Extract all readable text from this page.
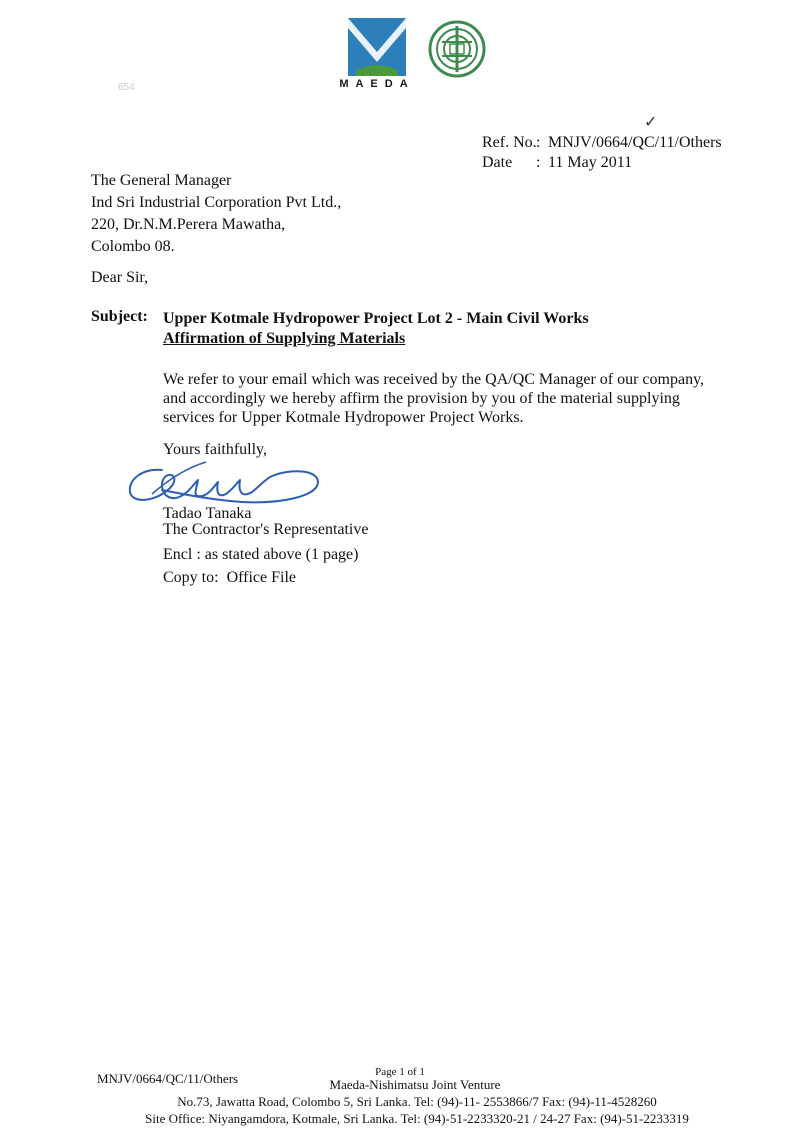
MAEDA
654
✓
Ref. No.: MNJV/0664/QC/11/Others
Date : 11 May 2011
The General Manager
Ind Sri Industrial Corporation Pvt Ltd.,
220, Dr.N.M.Perera Mawatha,
Colombo 08.
Dear Sir,
Subject: Upper Kotmale Hydropower Project Lot 2 - Main Civil Works
Affirmation of Supplying Materials
We refer to your email which was received by the QA/QC Manager of our company, and accordingly we hereby affirm the provision by you of the material supplying services for Upper Kotmale Hydropower Project Works.
Yours faithfully,
Tadao Tanaka
The Contractor's Representative
Encl : as stated above (1 page)
Copy to: Office File
MNJV/0664/QC/11/Others	Page 1 of 1
Maeda-Nishimatsu Joint Venture
No.73, Jawatta Road, Colombo 5, Sri Lanka. Tel: (94)-11- 2553866/7 Fax: (94)-11-4528260
Site Office: Niyangamdora, Kotmale, Sri Lanka. Tel: (94)-51-2233320-21 / 24-27 Fax: (94)-51-2233319
